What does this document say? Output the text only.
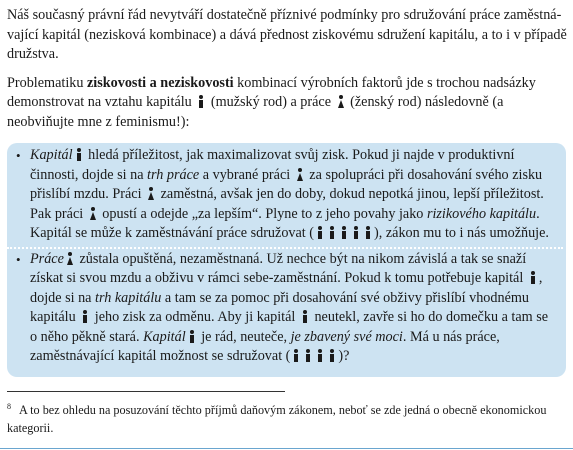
Náš současný právní řád nevytváří dostatečně příznivé podmínky pro sdružování práce zaměstnávající kapitál (nezisková kombinace) a dává přednost ziskovému sdružení kapitálu, a to i v případě družstva.

Problematiku ziskovosti a neziskovosti kombinací výrobních faktorů jde s trochou nadsázky demonstrovat na vztahu kapitálu  (mužský rod) a práce  (ženský rod) následovně (a neobviňujte mne z feminismu!):

• Kapitál hledá příležitost, jak maximalizovat svůj zisk. Pokud ji najde v produktivní činnosti, dojde si na trh práce a vybrané práci  za spolupráci při dosahování svého zisku přislíbí mzdu. Práci  zaměstná, avšak jen do doby, dokud nepotká jinou, lepší příležitost. Pak práci  opustí a odejde „za lepším“. Plyne to z jeho povahy jako rizikového kapitálu. Kapitál se může k zaměstnávání práce sdružovat (	), zákon mu to i nás umožňuje.
• Práce zůstala opuštěná, nezaměstnaná. Už nechce být na nikom závislá a tak se snaží získat si svou mzdu a obživu v rámci sebe-zaměstnání. Pokud k tomu potřebuje kapitál , dojde si na trh kapitálu a tam se za pomoc při dosahování své obživy přislíbí vhodnému kapitálu  jeho zisk za odměnu. Aby ji kapitál  neutekl, zavře si ho do domečku a tam se o něho pěkně stará. Kapitál je rád, neuteče, je zbavený své moci. Má u nás práce, zaměstnávající kapitál možnost se sdružovat (	)?
$^8$ A to bez ohledu na posuzování těchto příjmů daňovým zákonem, neboť se zde jedná o obecně ekonomickou kategorii.
